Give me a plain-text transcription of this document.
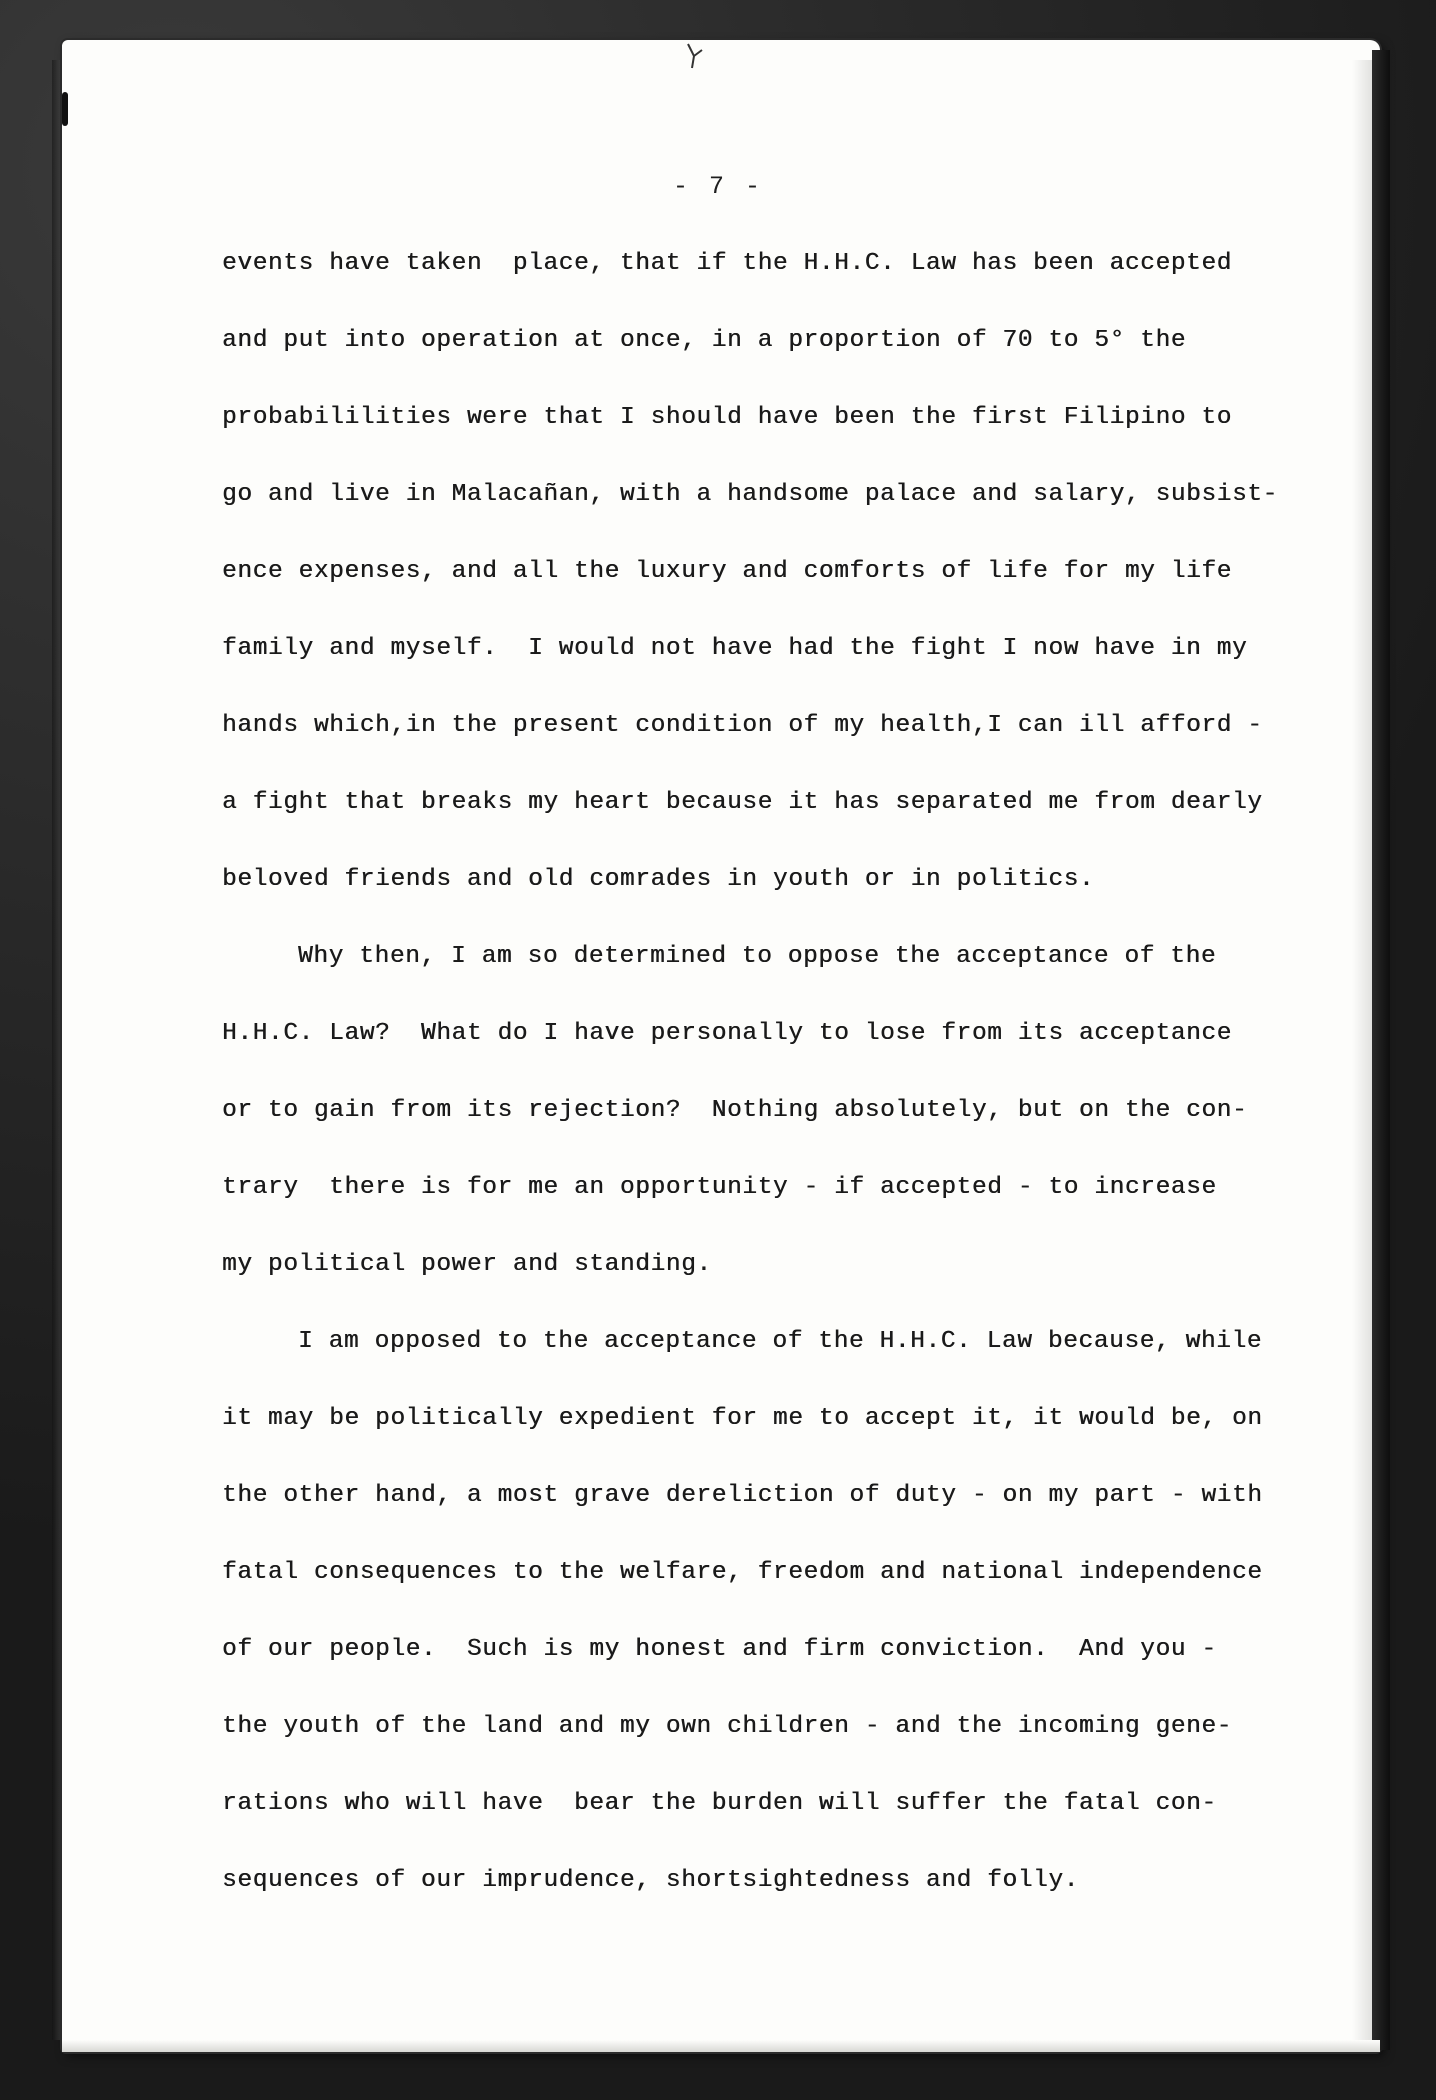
- 7 -
events have taken  place, that if the H.H.C. Law has been accepted
and put into operation at once, in a proportion of 70 to 5° the
probabililities were that I should have been the first Filipino to
go and live in Malacañan, with a handsome palace and salary, subsist-
ence expenses, and all the luxury and comforts of life for my life
family and myself.  I would not have had the fight I now have in my
hands which,in the present condition of my health,I can ill afford -
a fight that breaks my heart because it has separated me from dearly
beloved friends and old comrades in youth or in politics.
Why then, I am so determined to oppose the acceptance of the
H.H.C. Law?  What do I have personally to lose from its acceptance
or to gain from its rejection?  Nothing absolutely, but on the con-
trary  there is for me an opportunity - if accepted - to increase
my political power and standing.
I am opposed to the acceptance of the H.H.C. Law because, while
it may be politically expedient for me to accept it, it would be, on
the other hand, a most grave dereliction of duty - on my part - with
fatal consequences to the welfare, freedom and national independence
of our people.  Such is my honest and firm conviction.  And you -
the youth of the land and my own children - and the incoming gene-
rations who will have  bear the burden will suffer the fatal con-
sequences of our imprudence, shortsightedness and folly.
